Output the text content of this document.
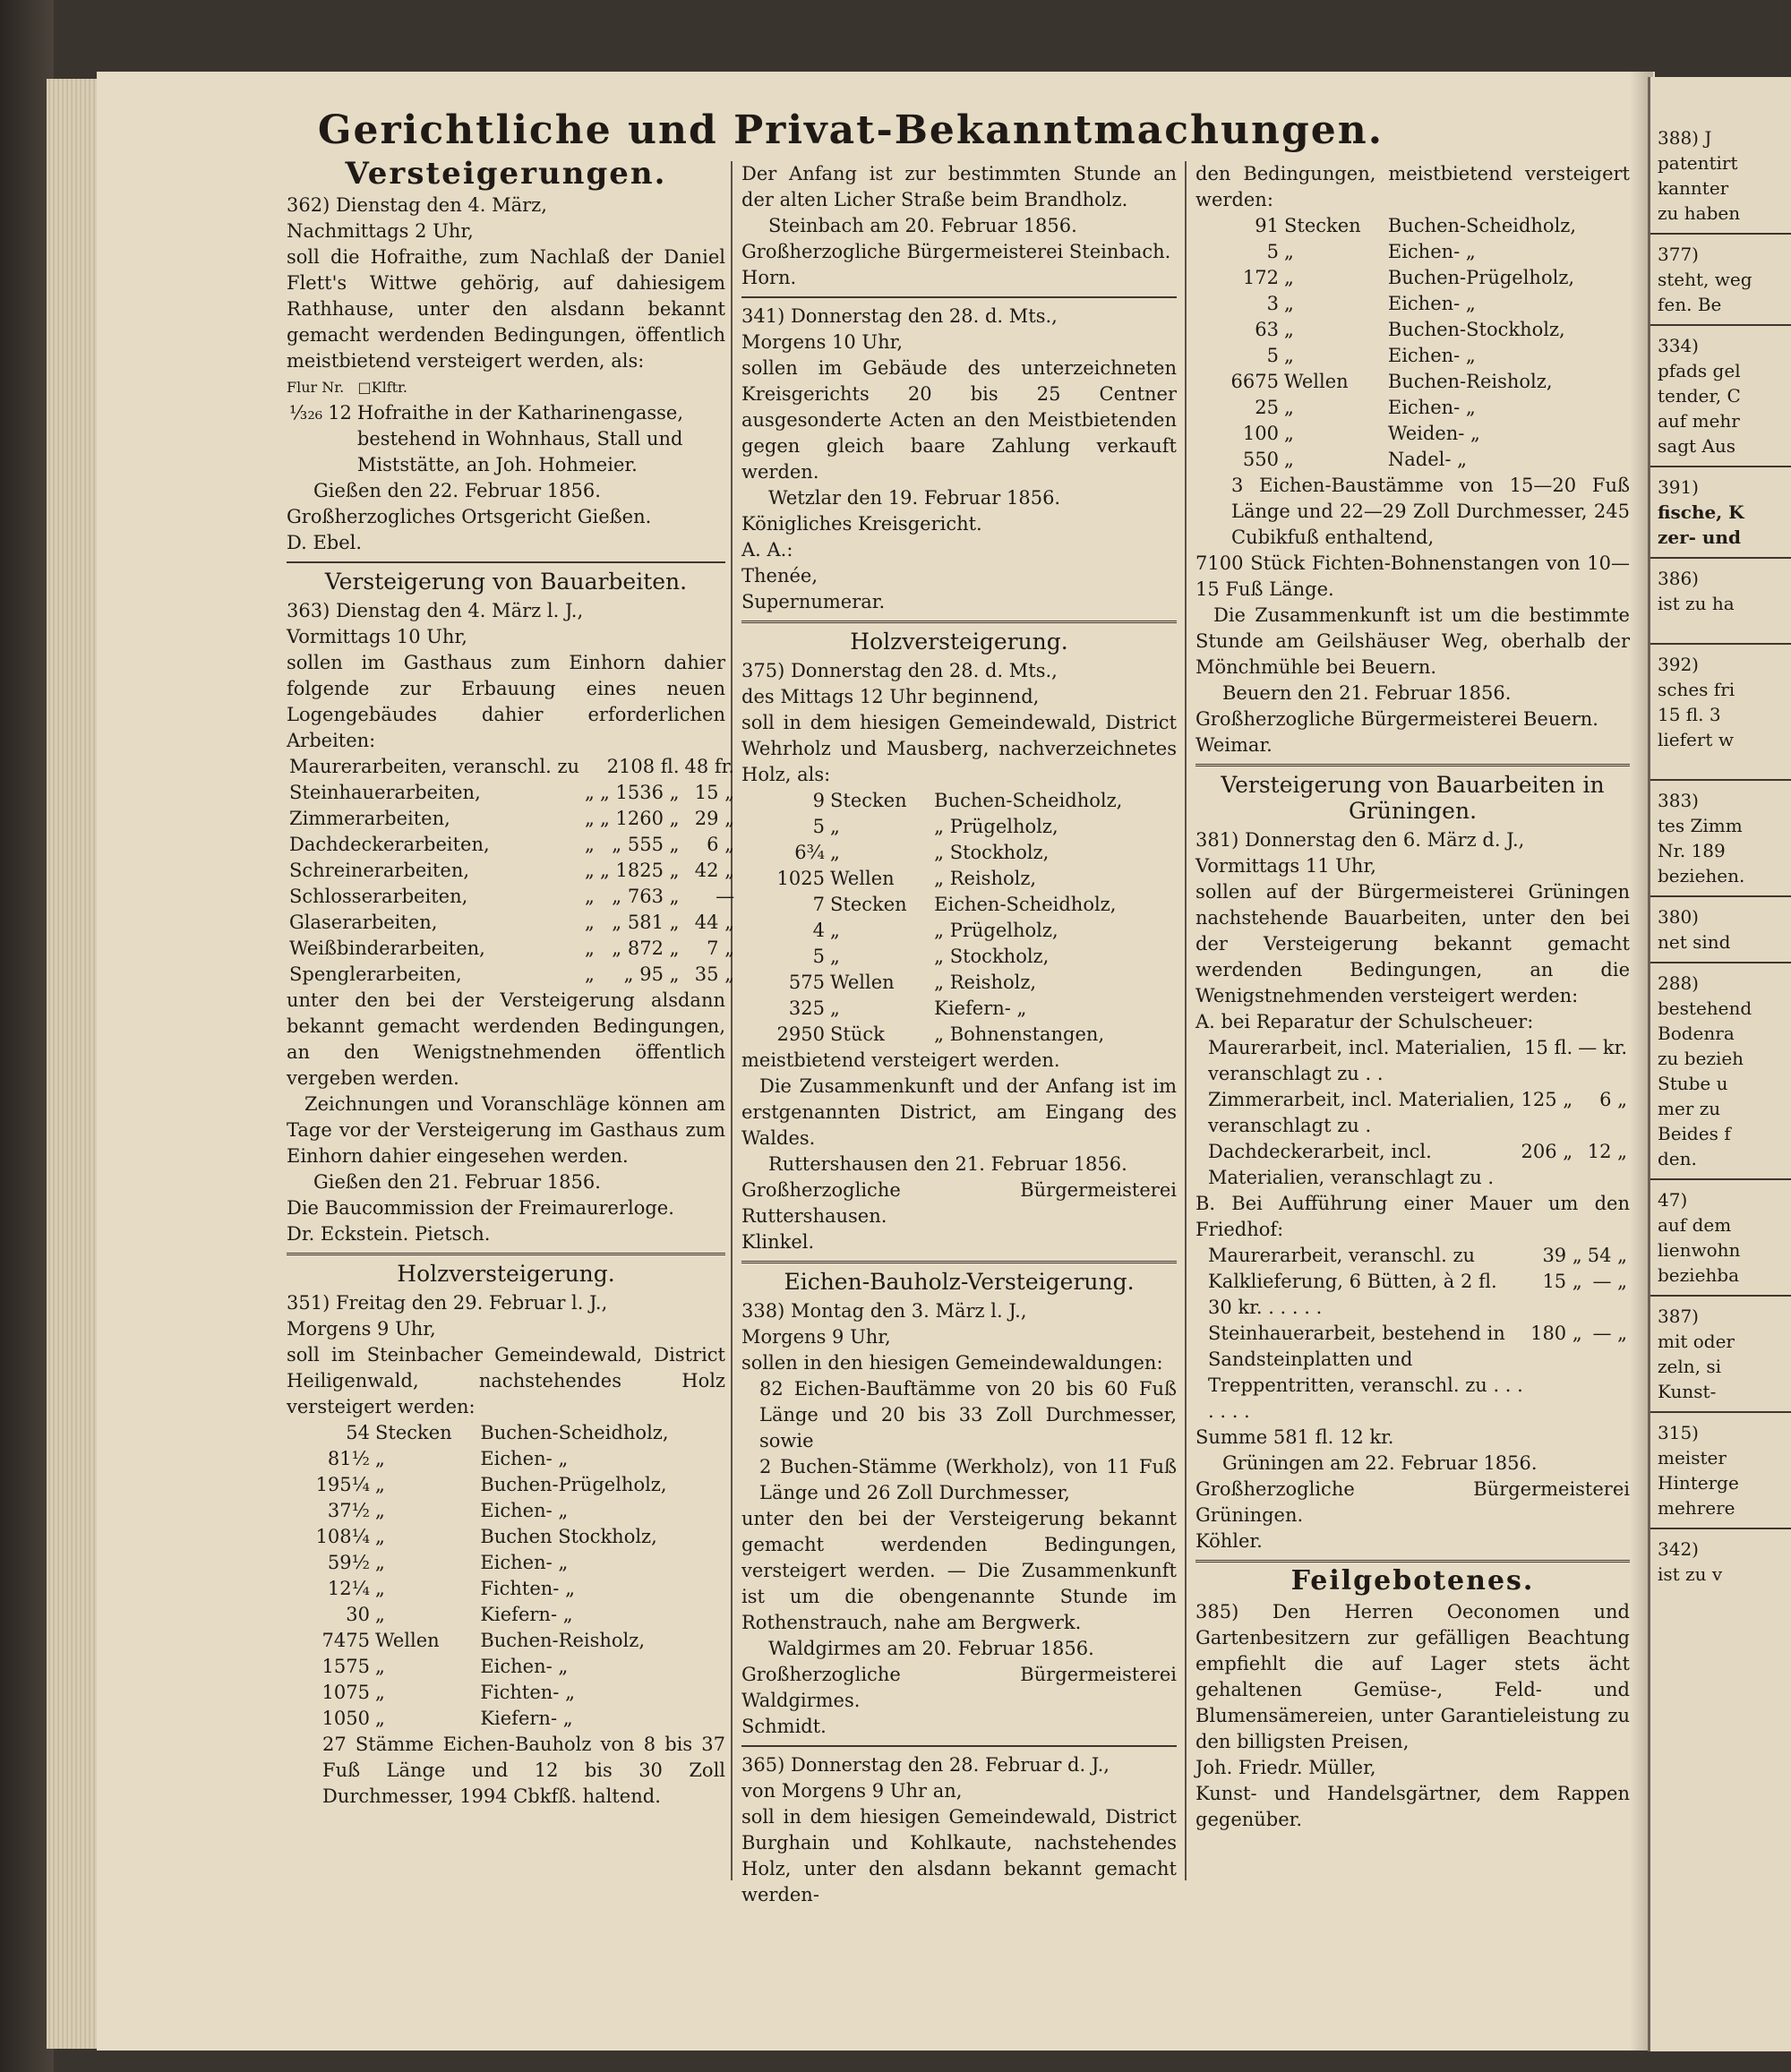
Gerichtliche und Privat-Bekanntmachungen.
Versteigerungen.

362) Dienstag den 4. März,

Nachmittags 2 Uhr,

soll die Hofraithe, zum Nachlaß der Daniel Flett's Wittwe gehörig, auf dahiesigem Rathhause, unter den alsdann bekannt gemacht werdenden Bedingungen, öffentlich meistbietend versteigert werden, als:

Flur Nr. □Klftr.

⅟₃₂₆	12	Hofraithe in der Katharinengasse, bestehend in Wohnhaus, Stall und Miststätte, an Joh. Hohmeier.

Gießen den 22. Februar 1856.

Großherzogliches Ortsgericht Gießen.

D. Ebel.

Versteigerung von Bauarbeiten.

363) Dienstag den 4. März l. J.,

Vormittags 10 Uhr,

sollen im Gasthaus zum Einhorn dahier folgende zur Erbauung eines neuen Logengebäudes dahier erforderlichen Arbeiten:

Maurerarbeiten, veranschl. zu		2108 fl.	48 fr.
Steinhauerarbeiten,	„	„ 1536 „	15 „
Zimmerarbeiten,	„	„ 1260 „	29 „
Dachdeckerarbeiten,	„	„ 555 „	6 „
Schreinerarbeiten,	„	„ 1825 „	42 „
Schlosserarbeiten,	„	„ 763 „	—
Glaserarbeiten,	„	„ 581 „	44 „
Weißbinderarbeiten,	„	„ 872 „	7 „
Spenglerarbeiten,	„	„ 95 „	35 „

unter den bei der Versteigerung alsdann bekannt gemacht werdenden Bedingungen, an den Wenigstnehmenden öffentlich vergeben werden.

Zeichnungen und Voranschläge können am Tage vor der Versteigerung im Gasthaus zum Einhorn dahier eingesehen werden.

Gießen den 21. Februar 1856.

Die Baucommission der Freimaurerloge.

Dr. Eckstein. Pietsch.

Holzversteigerung.

351) Freitag den 29. Februar l. J.,

Morgens 9 Uhr,

soll im Steinbacher Gemeindewald, District Heiligenwald, nachstehendes Holz versteigert werden:

54	Stecken	Buchen-Scheidholz,
81½	„	Eichen- „
195¼	„	Buchen-Prügelholz,
37½	„	Eichen- „
108¼	„	Buchen Stockholz,
59½	„	Eichen- „
12¼	„	Fichten- „
30	„	Kiefern- „
7475	Wellen	Buchen-Reisholz,
1575	„	Eichen- „
1075	„	Fichten- „
1050	„	Kiefern- „

27 Stämme Eichen-Bauholz von 8 bis 37 Fuß Länge und 12 bis 30 Zoll Durchmesser, 1994 Cbkfß. haltend.

Der Anfang ist zur bestimmten Stunde an der alten Licher Straße beim Brandholz.

Steinbach am 20. Februar 1856.

Großherzogliche Bürgermeisterei Steinbach.

Horn.

341) Donnerstag den 28. d. Mts.,

Morgens 10 Uhr,

sollen im Gebäude des unterzeichneten Kreisgerichts 20 bis 25 Centner ausgesonderte Acten an den Meistbietenden gegen gleich baare Zahlung verkauft werden.

Wetzlar den 19. Februar 1856.

Königliches Kreisgericht.

A. A.:

Thenée,

Supernumerar.

Holzversteigerung.

375) Donnerstag den 28. d. Mts.,

des Mittags 12 Uhr beginnend,

soll in dem hiesigen Gemeindewald, District Wehrholz und Mausberg, nachverzeichnetes Holz, als:

9	Stecken	Buchen-Scheidholz,
5	„	„ Prügelholz,
6¾	„	„ Stockholz,
1025	Wellen	„ Reisholz,
7	Stecken	Eichen-Scheidholz,
4	„	„ Prügelholz,
5	„	„ Stockholz,
575	Wellen	„ Reisholz,
325	„	Kiefern- „
2950	Stück	„ Bohnenstangen,

meistbietend versteigert werden.

Die Zusammenkunft und der Anfang ist im erstgenannten District, am Eingang des Waldes.

Ruttershausen den 21. Februar 1856.

Großherzogliche Bürgermeisterei Ruttershausen.

Klinkel.

Eichen-Bauholz-Versteigerung.

338) Montag den 3. März l. J.,

Morgens 9 Uhr,

sollen in den hiesigen Gemeindewaldungen:

82 Eichen-Bauftämme von 20 bis 60 Fuß Länge und 20 bis 33 Zoll Durchmesser, sowie

2 Buchen-Stämme (Werkholz), von 11 Fuß Länge und 26 Zoll Durchmesser,

unter den bei der Versteigerung bekannt gemacht werdenden Bedingungen, versteigert werden. — Die Zusammenkunft ist um die obengenannte Stunde im Rothenstrauch, nahe am Bergwerk.

Waldgirmes am 20. Februar 1856.

Großherzogliche Bürgermeisterei Waldgirmes.

Schmidt.

365) Donnerstag den 28. Februar d. J.,

von Morgens 9 Uhr an,

soll in dem hiesigen Gemeindewald, District Burghain und Kohlkaute, nachstehendes Holz, unter den alsdann bekannt gemacht werden-

den Bedingungen, meistbietend versteigert werden:

91	Stecken	Buchen-Scheidholz,
5	„	Eichen- „
172	„	Buchen-Prügelholz,
3	„	Eichen- „
63	„	Buchen-Stockholz,
5	„	Eichen- „
6675	Wellen	Buchen-Reisholz,
25	„	Eichen- „
100	„	Weiden- „
550	„	Nadel- „

3 Eichen-Baustämme von 15—20 Fuß Länge und 22—29 Zoll Durchmesser, 245 Cubikfuß enthaltend,

7100 Stück Fichten-Bohnenstangen von 10—15 Fuß Länge.

Die Zusammenkunft ist um die bestimmte Stunde am Geilshäuser Weg, oberhalb der Mönchmühle bei Beuern.

Beuern den 21. Februar 1856.

Großherzogliche Bürgermeisterei Beuern.

Weimar.

Versteigerung von Bauarbeiten in Grüningen.

381) Donnerstag den 6. März d. J.,

Vormittags 11 Uhr,

sollen auf der Bürgermeisterei Grüningen nachstehende Bauarbeiten, unter den bei der Versteigerung bekannt gemacht werdenden Bedingungen, an die Wenigstnehmenden versteigert werden:

A. bei Reparatur der Schulscheuer:

Maurerarbeit, incl. Materialien, veranschlagt zu . .	15 fl.	— kr.
Zimmerarbeit, incl. Materialien, veranschlagt zu .	125 „	6 „
Dachdeckerarbeit, incl. Materialien, veranschlagt zu .	206 „	12 „

B. Bei Aufführung einer Mauer um den Friedhof:

Maurerarbeit, veranschl. zu	39 „	54 „
Kalklieferung, 6 Bütten, à 2 fl. 30 kr. . . . . .	15 „	— „
Steinhauerarbeit, bestehend in Sandsteinplatten und Treppentritten, veranschl. zu . . . . . . .	180 „	— „

Summe 581 fl. 12 kr.

Grüningen am 22. Februar 1856.

Großherzogliche Bürgermeisterei Grüningen.

Köhler.

Feilgebotenes.

385) Den Herren Oeconomen und Gartenbesitzern zur gefälligen Beachtung empfiehlt die auf Lager stets ächt gehaltenen Gemüse-, Feld- und Blumensämereien, unter Garantieleistung zu den billigsten Preisen,

Joh. Friedr. Müller,

Kunst- und Handelsgärtner, dem Rappen gegenüber.

388) J
patentirt
kannter
zu haben
377)
steht, weg
fen. Be
334)
pfads gel
tender, C
auf mehr
sagt Aus
391)
fische, K
zer- und
386)
ist zu ha
392)
sches fri
15 fl. 3
liefert w
383)
tes Zimm
Nr. 189
beziehen.
380)
net sind
288)
bestehend
Bodenra
zu bezieh
Stube u
mer zu
Beides f
den.
47)
auf dem
lienwohn
beziehba
387)
mit oder
zeln, si
Kunst-
315)
meister
Hinterge
mehrere
342)
ist zu v
